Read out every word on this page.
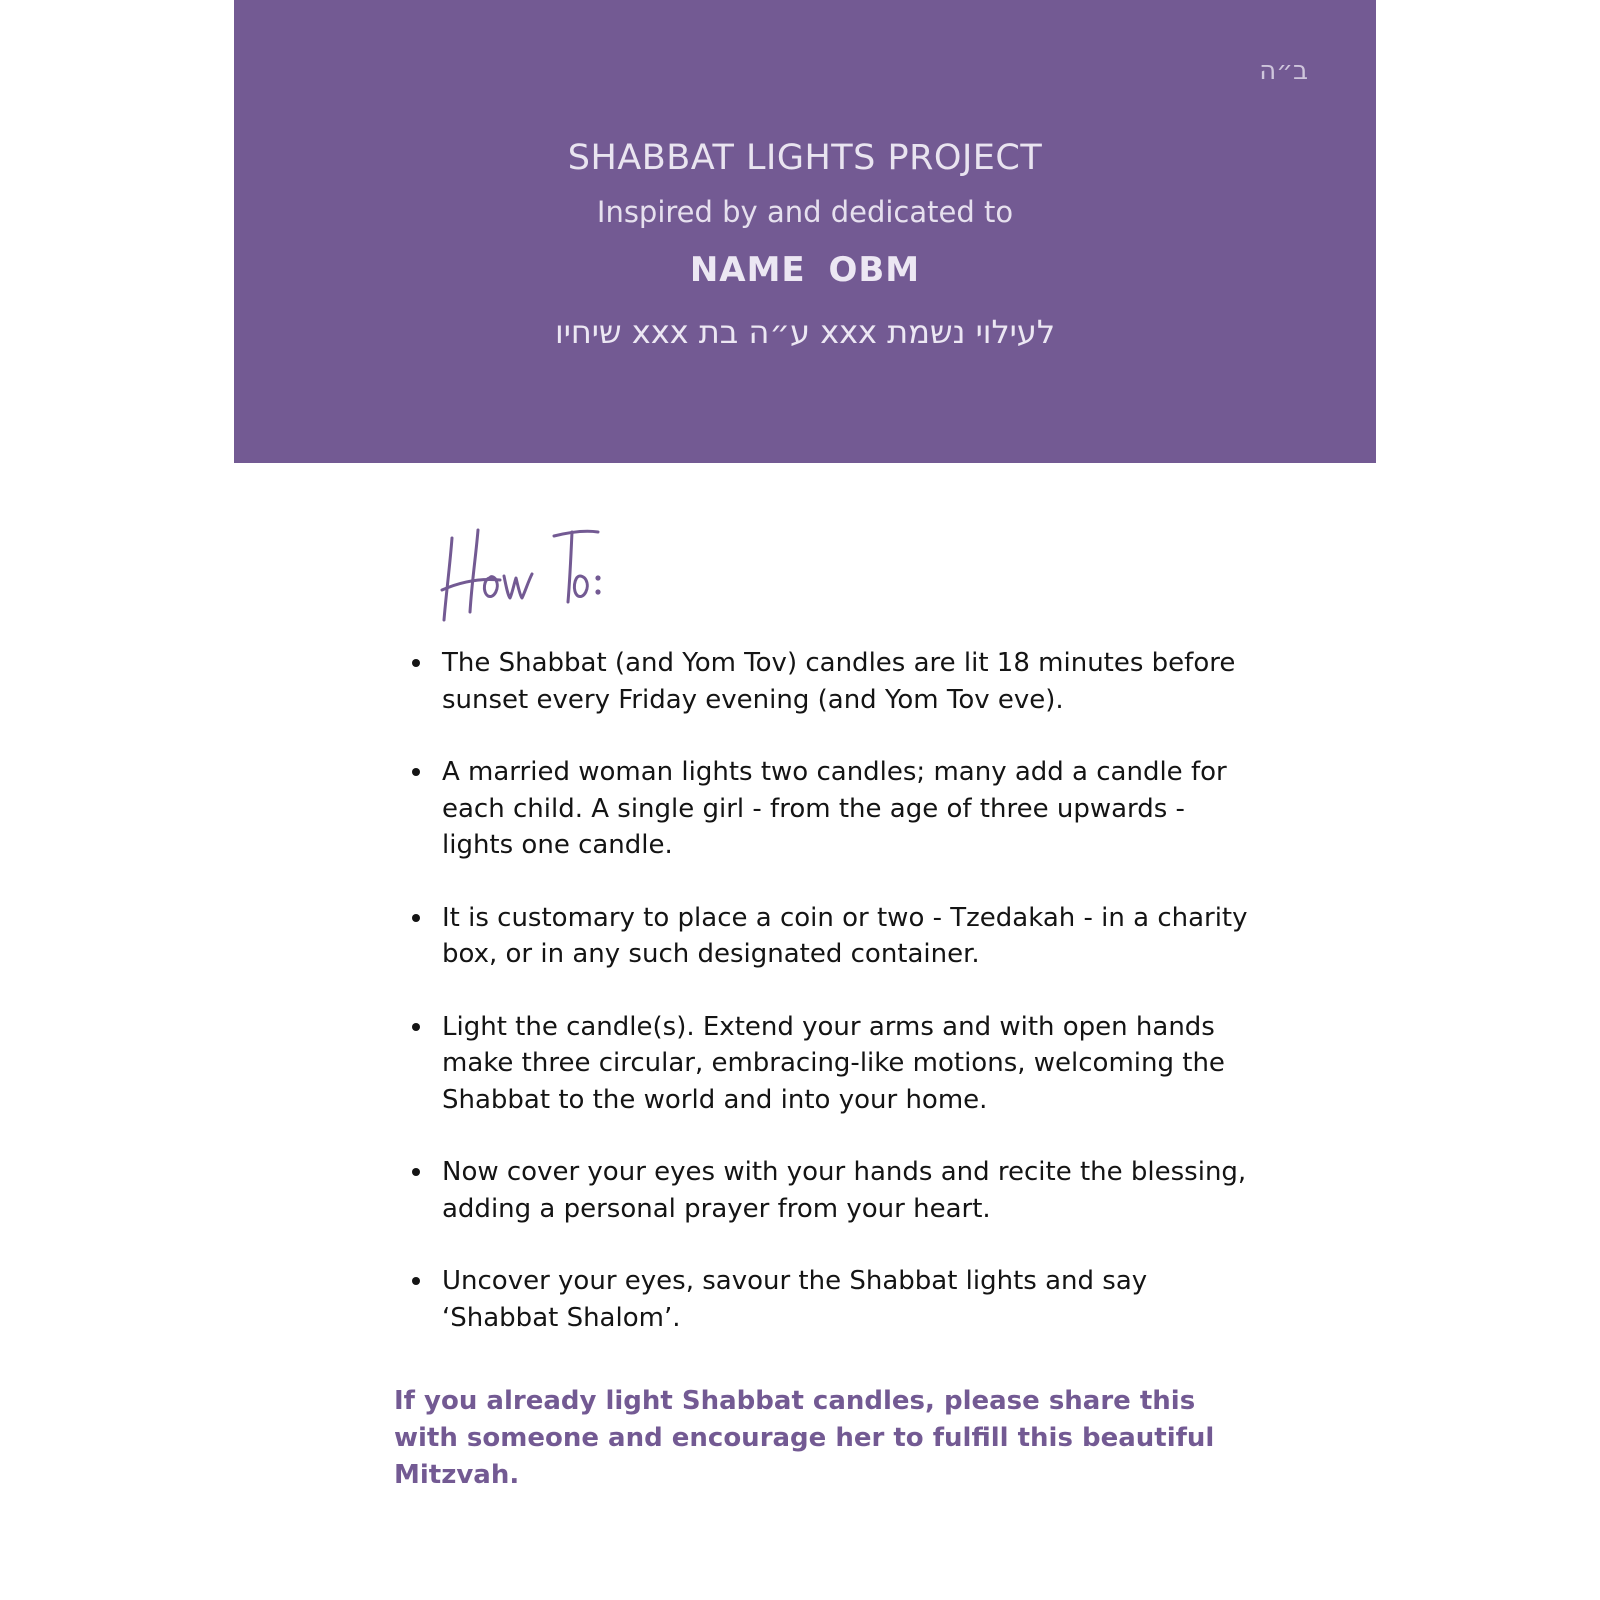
ב״ה
SHABBAT LIGHTS PROJECT
Inspired by and dedicated to
NAME OBM
לעילוי נשמת xxx ע״ה בת xxx שיחיו
The Shabbat (and Yom Tov) candles are lit 18 minutes before sunset every Friday evening (and Yom Tov eve).
A married woman lights two candles; many add a candle for each child. A single girl - from the age of three upwards - lights one candle.
It is customary to place a coin or two - Tzedakah - in a charity box, or in any such designated container.
Light the candle(s). Extend your arms and with open hands make three circular, embracing-like motions, welcoming the Shabbat to the world and into your home.
Now cover your eyes with your hands and recite the blessing, adding a personal prayer from your heart.
Uncover your eyes, savour the Shabbat lights and say ‘Shabbat Shalom’.
If you already light Shabbat candles, please share this with someone and encourage her to fulfill this beautiful Mitzvah.
